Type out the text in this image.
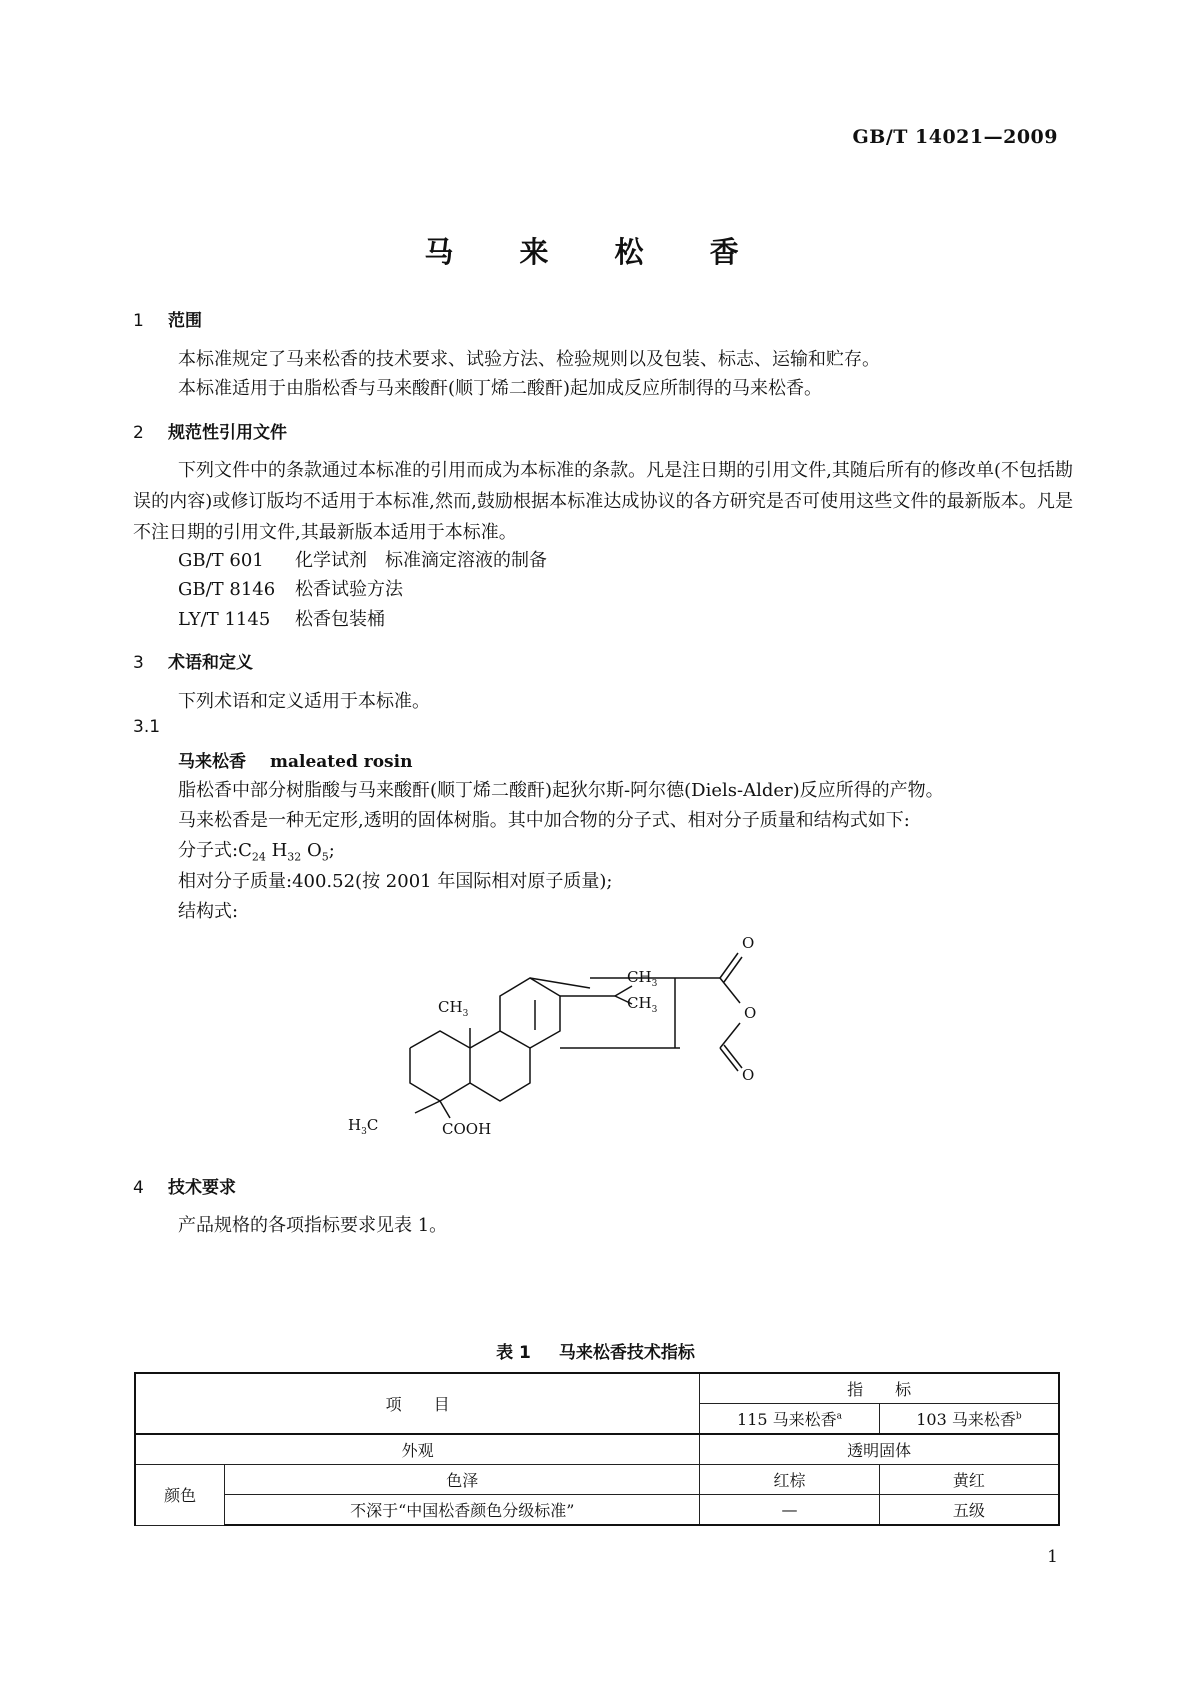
GB/T 14021—2009
马 来 松 香
1 范围
本标准规定了马来松香的技术要求、试验方法、检验规则以及包装、标志、运输和贮存。
本标准适用于由脂松香与马来酸酐(顺丁烯二酸酐)起加成反应所制得的马来松香。
2 规范性引用文件
下列文件中的条款通过本标准的引用而成为本标准的条款。凡是注日期的引用文件,其随后所有的修改单(不包括勘误的内容)或修订版均不适用于本标准,然而,鼓励根据本标准达成协议的各方研究是否可使用这些文件的最新版本。凡是不注日期的引用文件,其最新版本适用于本标准。
GB/T 601 化学试剂　标准滴定溶液的制备
GB/T 8146 松香试验方法
LY/T 1145 松香包装桶
3 术语和定义
下列术语和定义适用于本标准。
3.1
马来松香 maleated rosin
脂松香中部分树脂酸与马来酸酐(顺丁烯二酸酐)起狄尔斯-阿尔德(Diels-Alder)反应所得的产物。
马来松香是一种无定形,透明的固体树脂。其中加合物的分子式、相对分子质量和结构式如下:
分子式$:C_{24}$ $H_{32}$ $O_5$;
相对分子质量:400.52(按 2001 年国际相对原子质量);
结构式:
O
O
O
$CH_3$
$CH_3$
$CH_3$
$H_3C$	COOH
4 技术要求
产品规格的各项指标要求见表 1。
表 1 马来松香技术指标
项　　目		指　　标	
		115 马来松香$^a$	103 马来松香$^b$
外观		透明固体	
颜色	色泽	红棕	黄红
	不深于“中国松香颜色分级标准”	—	五级
1
